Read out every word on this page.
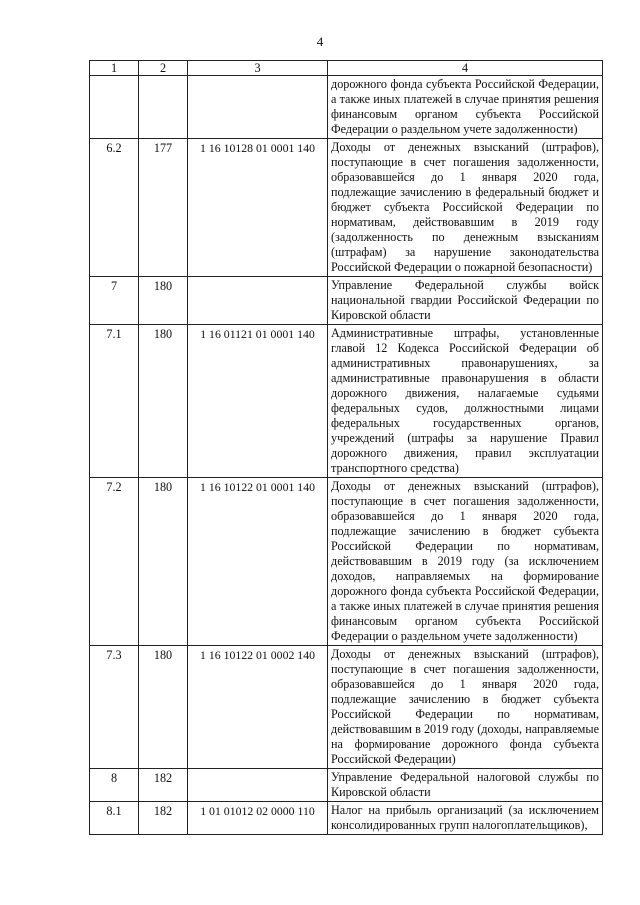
4
1	2	3	4
			дорожного фонда субъекта Российской Федерации, а также иных платежей в случае принятия решения финансовым органом субъекта Российской Федерации о раздельном учете задолженности)
6.2	177	1 16 10128 01 0001 140	Доходы от денежных взысканий (штрафов), поступающие в счет погашения задолженности, образовавшейся до 1 января 2020 года, подлежащие зачислению в федеральный бюджет и бюджет субъекта Российской Федерации по нормативам, действовавшим в 2019 году (задолженность по денежным взысканиям (штрафам) за нарушение законодательства Российской Федерации о пожарной безопасности)
7	180		Управление Федеральной службы войск национальной гвардии Российской Федерации по Кировской области
7.1	180	1 16 01121 01 0001 140	Административные штрафы, установленные главой 12 Кодекса Российской Федерации об административных правонарушениях, за административные правонарушения в области дорожного движения, налагаемые судьями федеральных судов, должностными лицами федеральных государственных органов, учреждений (штрафы за нарушение Правил дорожного движения, правил эксплуатации транспортного средства)
7.2	180	1 16 10122 01 0001 140	Доходы от денежных взысканий (штрафов), поступающие в счет погашения задолженности, образовавшейся до 1 января 2020 года, подлежащие зачислению в бюджет субъекта Российской Федерации по нормативам, действовавшим в 2019 году (за исключением доходов, направляемых на формирование дорожного фонда субъекта Российской Федерации, а также иных платежей в случае принятия решения финансовым органом субъекта Российской Федерации о раздельном учете задолженности)
7.3	180	1 16 10122 01 0002 140	Доходы от денежных взысканий (штрафов), поступающие в счет погашения задолженности, образовавшейся до 1 января 2020 года, подлежащие зачислению в бюджет субъекта Российской Федерации по нормативам, действовавшим в 2019 году (доходы, направляемые на формирование дорожного фонда субъекта Российской Федерации)
8	182		Управление Федеральной налоговой службы по Кировской области
8.1	182	1 01 01012 02 0000 110	Налог на прибыль организаций (за исключением консолидированных групп налогоплательщиков),
